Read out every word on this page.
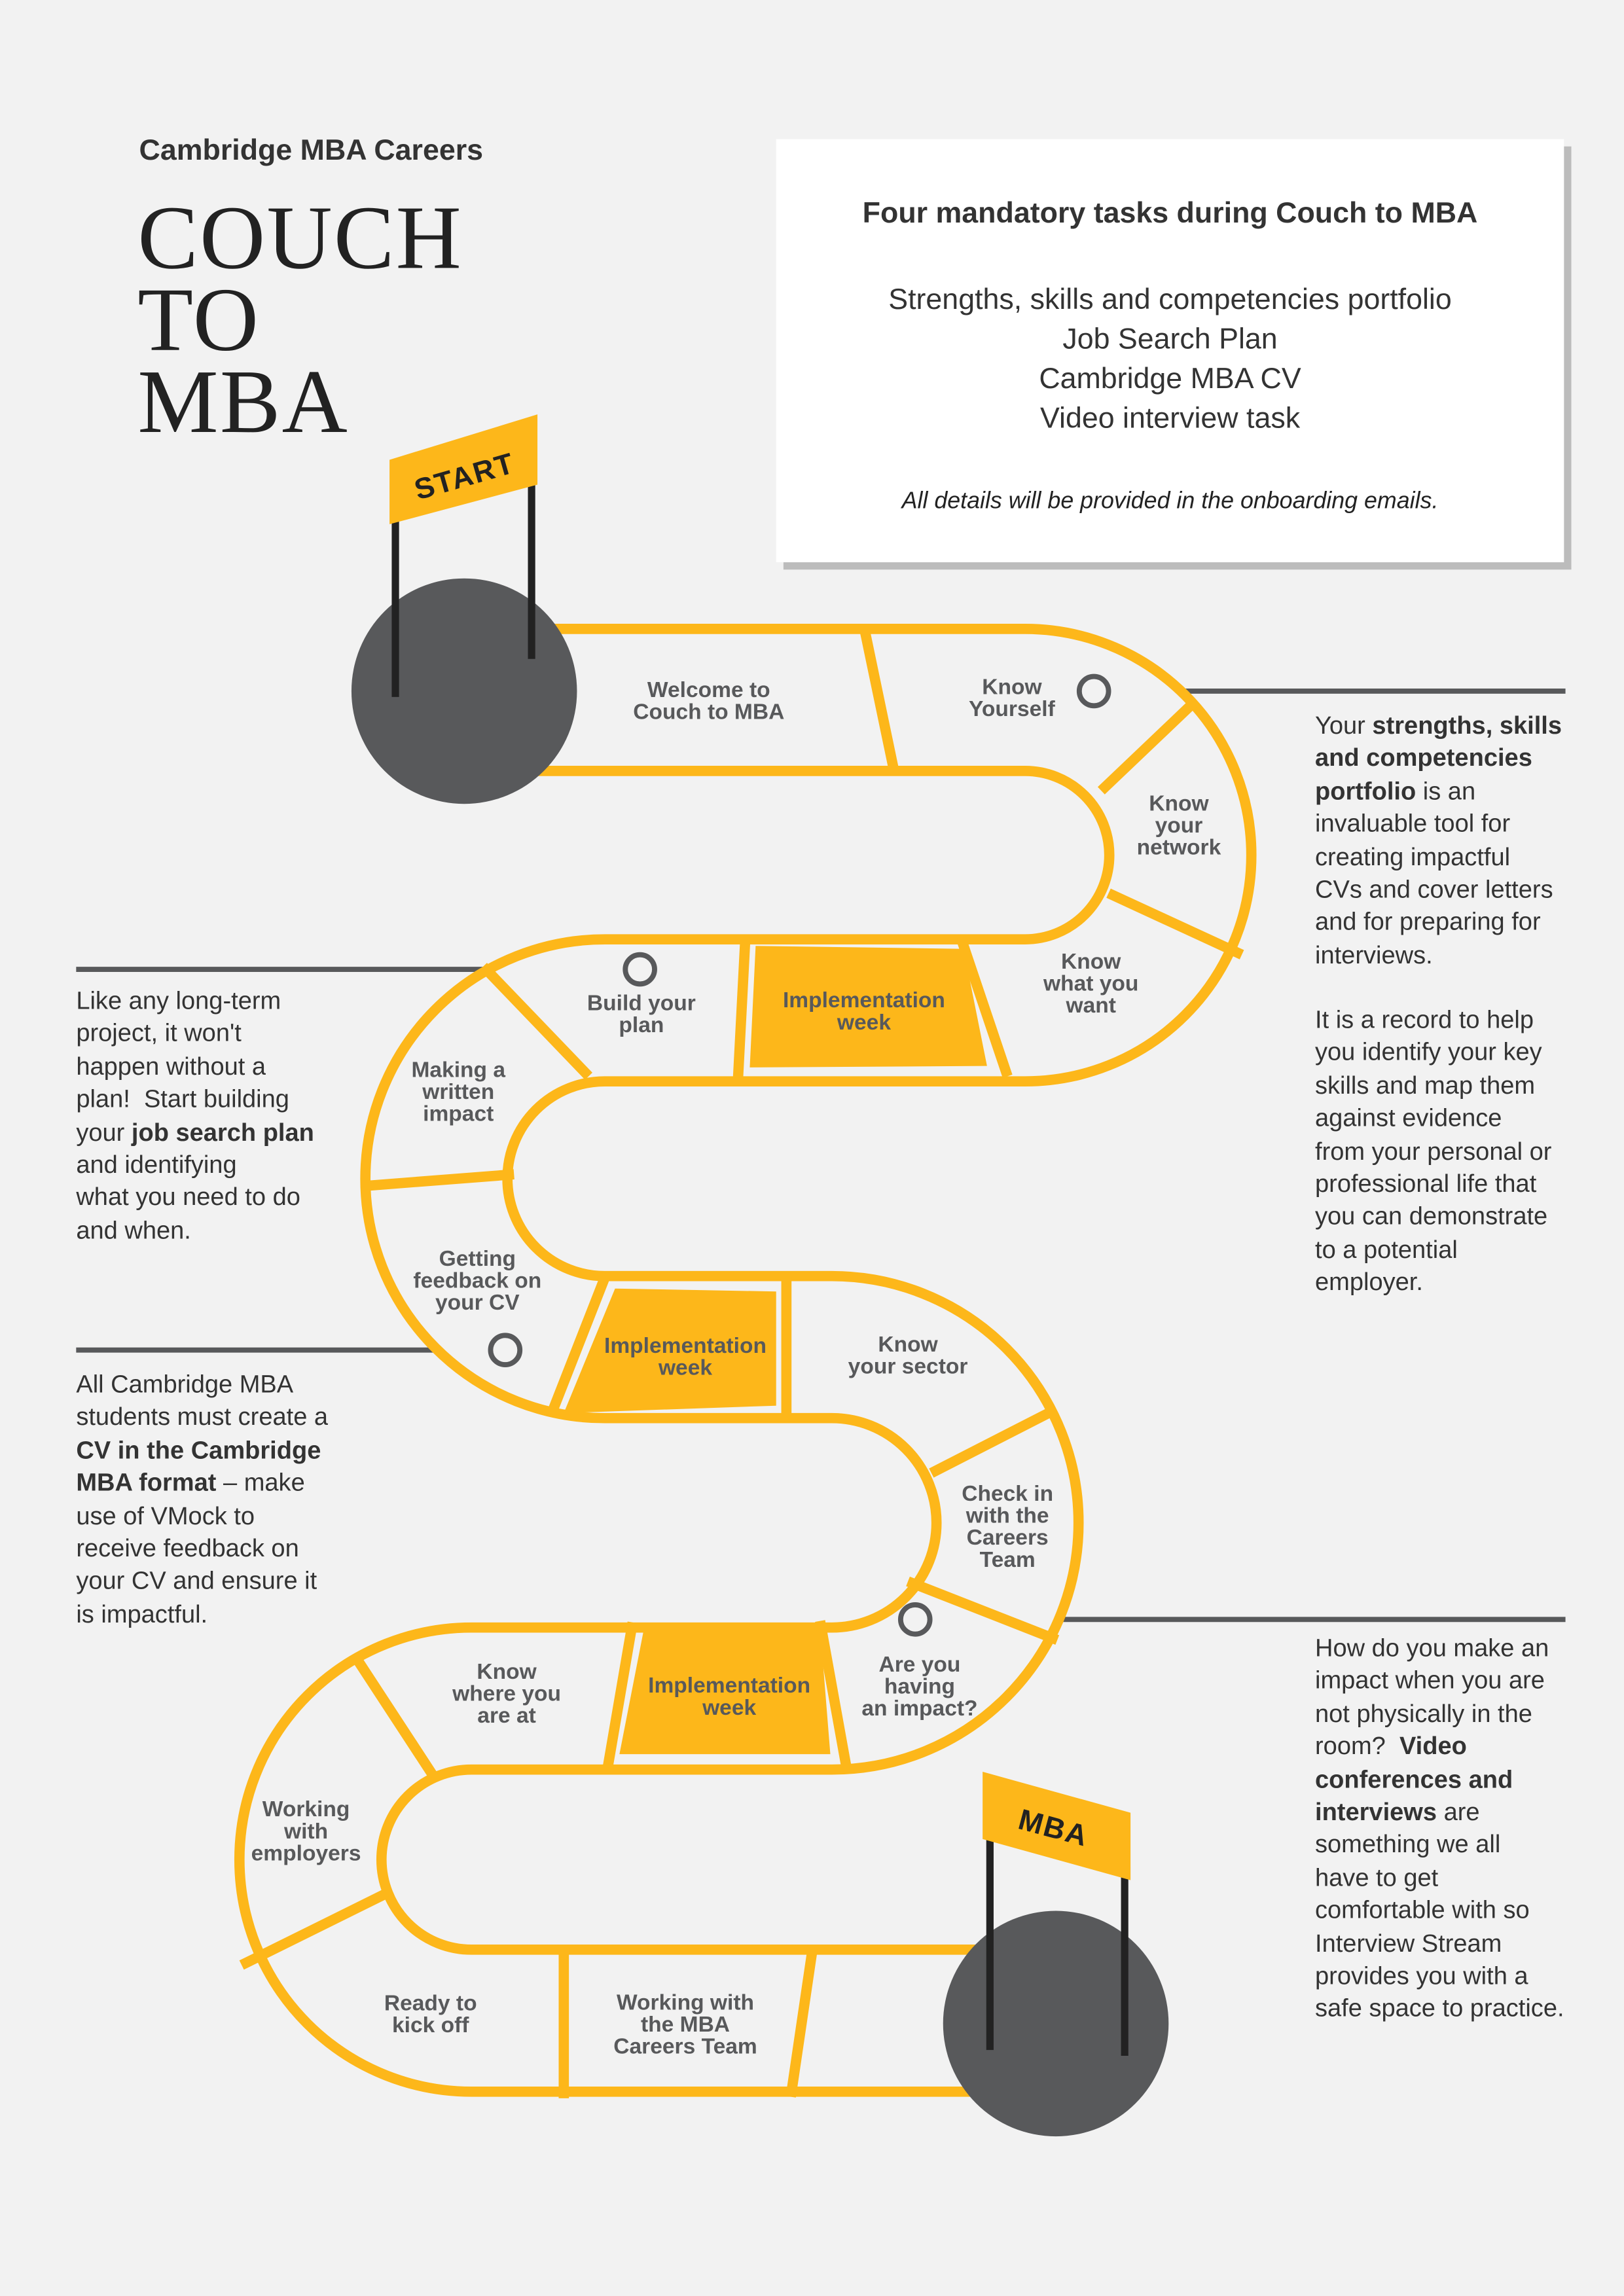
START
MBA
Cambridge MBA Careers
COUCH
TO
MBA
Four mandatory tasks during Couch to MBA
Strengths, skills and competencies portfolio
Job Search Plan
Cambridge MBA CV
Video interview task
All details will be provided in the onboarding emails.
Welcome to
Couch to MBA
Know
Yourself
Know
your
network
Know
what you
want
Implementation
week
Build your
plan
Making a
written
impact
Getting
feedback on
your CV
Implementation
week
Know
your sector
Check in
with the
Careers
Team
Are you
having
an impact?
Implementation
week
Know
where you
are at
Working
with
employers
Ready to
kick off
Working with
the MBA
Careers Team
Like any long-term
project, it won't
happen without a
plan!  Start building
your job search plan
and identifying
what you need to do
and when.
All Cambridge MBA
students must create a
CV in the Cambridge
MBA format – make
use of VMock to
receive feedback on
your CV and ensure it
is impactful.
Your strengths, skills
and competencies
portfolio is an
invaluable tool for
creating impactful
CVs and cover letters
and for preparing for
interviews.
It is a record to help
you identify your key
skills and map them
against evidence
from your personal or
professional life that
you can demonstrate
to a potential
employer.
How do you make an
impact when you are
not physically in the
room?  Video
conferences and
interviews are
something we all
have to get
comfortable with so
Interview Stream
provides you with a
safe space to practice.
